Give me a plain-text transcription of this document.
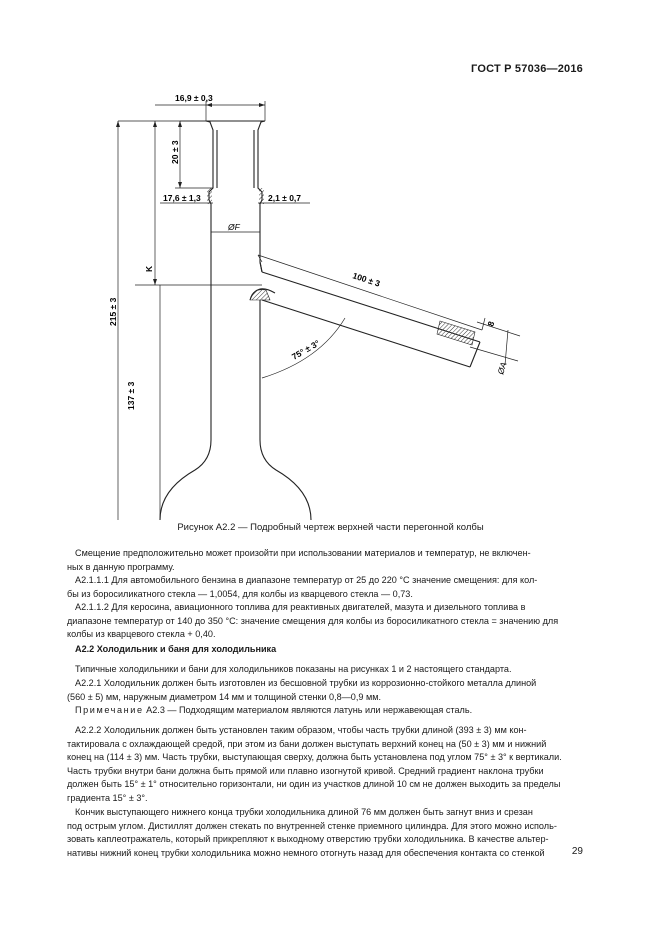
ГОСТ Р 57036—2016
16,9 ± 0,3
20 ± 3
17,6 ± 1,3	2,1 ± 0,7
ØF
K
215 ± 3
100 ± 3
75° ± 3°
8
ØA
137 ± 3
Рисунок А2.2 — Подробный чертеж верхней части перегонной колбы
Смещение предположительно может произойти при использовании материалов и температур, не включен-
ных в данную программу.
А2.1.1.1 Для автомобильного бензина в диапазоне температур от 25 до 220 °С значение смещения: для кол-
бы из боросиликатного стекла — 1,0054, для колбы из кварцевого стекла — 0,73.
А2.1.1.2 Для керосина, авиационного топлива для реактивных двигателей, мазута и дизельного топлива в
диапазоне температур от 140 до 350 °С: значение смещения для колбы из боросиликатного стекла = значению для
колбы из кварцевого стекла + 0,40.
А2.2 Холодильник и баня для холодильника
Типичные холодильники и бани для холодильников показаны на рисунках 1 и 2 настоящего стандарта.
А2.2.1 Холодильник должен быть изготовлен из бесшовной трубки из коррозионно-стойкого металла длиной
(560 ± 5) мм, наружным диаметром 14 мм и толщиной стенки 0,8—0,9 мм.
Примечание А2.3 — Подходящим материалом являются латунь или нержавеющая сталь.
А2.2.2 Холодильник должен быть установлен таким образом, чтобы часть трубки длиной (393 ± 3) мм кон-
тактировала с охлаждающей средой, при этом из бани должен выступать верхний конец на (50 ± 3) мм и нижний
конец на (114 ± 3) мм. Часть трубки, выступающая сверху, должна быть установлена под углом 75° ± 3° к вертикали.
Часть трубки внутри бани должна быть прямой или плавно изогнутой кривой. Средний градиент наклона трубки
должен быть 15° ± 1° относительно горизонтали, ни один из участков длиной 10 см не должен выходить за пределы
градиента 15° ± 3°.
Кончик выступающего нижнего конца трубки холодильника длиной 76 мм должен быть загнут вниз и срезан
под острым углом. Дистиллят должен стекать по внутренней стенке приемного цилиндра. Для этого можно исполь-
зовать каплеотражатель, который прикрепляют к выходному отверстию трубки холодильника. В качестве альтер-
нативы нижний конец трубки холодильника можно немного отогнуть назад для обеспечения контакта со стенкой	29
